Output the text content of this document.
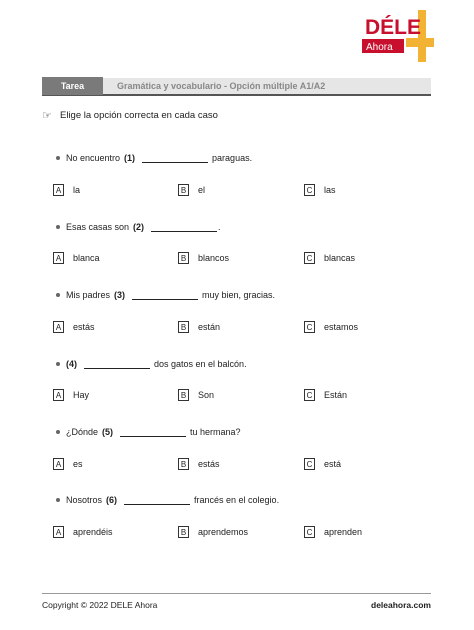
DÉLE
Ahora
Tarea	Gramática y vocabulario - Opción múltiple A1/A2
☞ Elige la opción correcta en cada caso
No encuentro (1)	paraguas.
A	la	B	el	C las
Esas casas son (2)	.
A	blanca	B	blancos	C blancas
Mis padres (3)	muy bien, gracias.
A	estás	B	están	C estamos
(4)	dos gatos en el balcón.
A	Hay	B	Son	C Están
¿Dónde (5)	tu hermana?
A	es	B	estás	C está
Nosotros (6)	francés en el colegio.
A	aprendéis	B	aprendemos	C aprenden
Copyright © 2022 DELE Ahora	deleahora.com
